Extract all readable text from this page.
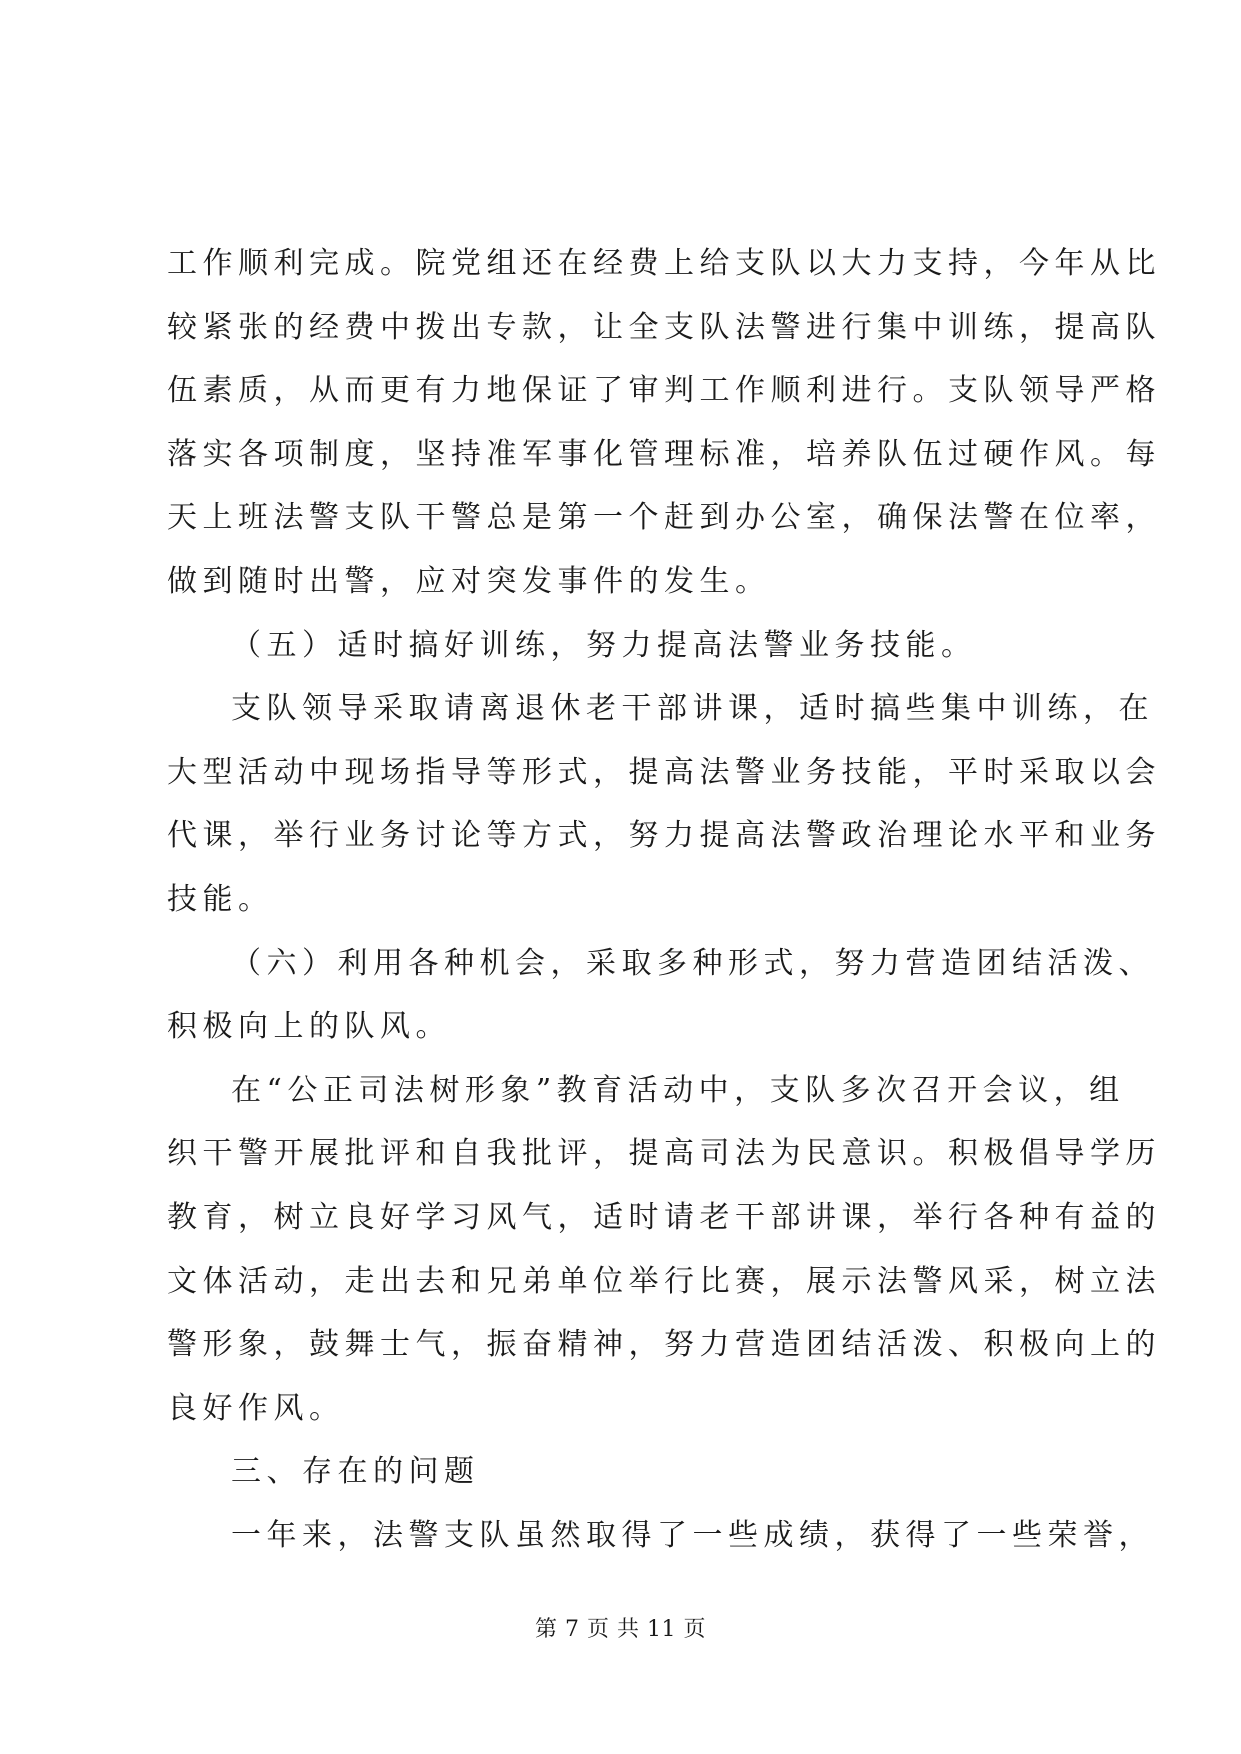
工作顺利完成。院党组还在经费上给支队以大力支持，今年从比
较紧张的经费中拨出专款，让全支队法警进行集中训练，提高队
伍素质，从而更有力地保证了审判工作顺利进行。支队领导严格
落实各项制度，坚持准军事化管理标准，培养队伍过硬作风。每
天上班法警支队干警总是第一个赶到办公室，确保法警在位率，
做到随时出警，应对突发事件的发生。
（五）适时搞好训练，努力提高法警业务技能。
支队领导采取请离退休老干部讲课，适时搞些集中训练，在
大型活动中现场指导等形式，提高法警业务技能，平时采取以会
代课，举行业务讨论等方式，努力提高法警政治理论水平和业务
技能。
（六）利用各种机会，采取多种形式，努力营造团结活泼、
积极向上的队风。
在“公正司法树形象”教育活动中，支队多次召开会议，组
织干警开展批评和自我批评，提高司法为民意识。积极倡导学历
教育，树立良好学习风气，适时请老干部讲课，举行各种有益的
文体活动，走出去和兄弟单位举行比赛，展示法警风采，树立法
警形象，鼓舞士气，振奋精神，努力营造团结活泼、积极向上的
良好作风。
三、存在的问题
一年来，法警支队虽然取得了一些成绩，获得了一些荣誉，
第 7 页 共 11 页
